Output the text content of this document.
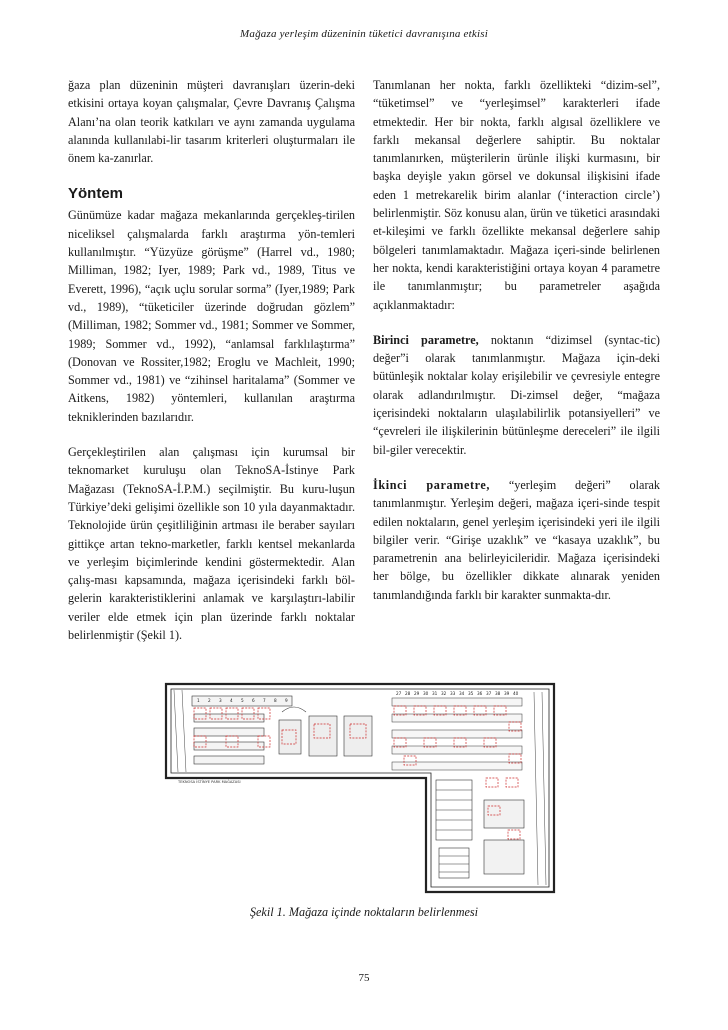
Mağaza yerleşim düzeninin tüketici davranışına etkisi

ğaza plan düzeninin müşteri davranışları üzerin-deki etkisini ortaya koyan çalışmalar, Çevre Davranış Çalışma Alanı’na olan teorik katkıları ve aynı zamanda uygulama alanında kullanılabi-lir tasarım kriterleri oluşturmaları ile önem ka-zanırlar.

Yöntem

Günümüze kadar mağaza mekanlarında gerçekleş-tirilen niceliksel çalışmalarda farklı araştırma yön-temleri kullanılmıştır. “Yüzyüze görüşme” (Harrel vd., 1980; Milliman, 1982; Iyer, 1989; Park vd., 1989, Titus ve Everett, 1996), “açık uçlu sorular sorma” (Iyer,1989; Park vd., 1989), “tüketiciler üzerinde doğrudan gözlem” (Milliman, 1982; Sommer vd., 1981; Sommer ve Sommer, 1989; Sommer vd., 1992), “anlamsal farklılaştırma” (Donovan ve Rossiter,1982; Eroglu ve Machleit, 1990; Sommer vd., 1981) ve “zihinsel haritalama” (Sommer ve Aitkens, 1982) yöntemleri, kullanılan araştırma tekniklerinden bazılarıdır.

Gerçekleştirilen alan çalışması için kurumsal bir teknomarket kuruluşu olan TeknoSA-İstinye Park Mağazası (TeknoSA-İ.P.M.) seçilmiştir. Bu kuru-luşun Türkiye’deki gelişimi özellikle son 10 yıla dayanmaktadır. Teknolojide ürün çeşitliliğinin artması ile beraber sayıları gittikçe artan tekno-marketler, farklı kentsel mekanlarda ve yerleşim biçimlerinde kendini göstermektedir. Alan çalış-ması kapsamında, mağaza içerisindeki farklı böl-gelerin karakteristiklerini anlamak ve karşılaştırı-labilir veriler elde etmek için plan üzerinde farklı noktalar belirlenmiştir (Şekil 1).

Tanımlanan her nokta, farklı özellikteki “dizim-sel”, “tüketimsel” ve “yerleşimsel” karakterleri ifade etmektedir. Her bir nokta, farklı algısal özelliklere ve farklı mekansal değerlere sahiptir. Bu noktalar tanımlanırken, müşterilerin ürünle ilişki kurmasını, bir başka deyişle yakın görsel ve dokunsal ilişkisini ifade eden 1 metrekarelik birim alanlar (‘interaction circle’) belirlenmiştir. Söz konusu alan, ürün ve tüketici arasındaki et-kileşimi ve farklı özellikte mekansal değerlere sahip bölgeleri tanımlamaktadır. Mağaza içeri-sinde belirlenen her nokta, kendi karakteristiğini ortaya koyan 4 parametre ile tanımlanmıştır; bu parametreler aşağıda açıklanmaktadır:

Birinci parametre, noktanın “dizimsel (syntac-tic) değer”i olarak tanımlanmıştır. Mağaza için-deki bütünleşik noktalar kolay erişilebilir ve çevresiyle entegre olarak adlandırılmıştır. Di-zimsel değer, “mağaza içerisindeki noktaların ulaşılabilirlik potansiyelleri” ve “çevreleri ile ilişkilerinin bütünleşme dereceleri” ile ilgili bil-giler verecektir.

İkinci parametre, “yerleşim değeri” olarak tanımlanmıştır. Yerleşim değeri, mağaza içeri-sinde tespit edilen noktaların, genel yerleşim içerisindeki yeri ile ilgili bilgiler verir. “Girişe uzaklık” ve “kasaya uzaklık”, bu parametrenin ana belirleyicileridir. Mağaza içerisindeki her bölge, bu özellikler dikkate alınarak yeniden tanımlandığında farklı bir karakter sunmakta-dır.

1 2 3 4 5 6 7 8 9
27 28 29 30 31 32 33 34 35 36 37 38 39 40
TEKNOSA İSTİNYE PARK MAĞAZASI
Şekil 1. Mağaza içinde noktaların belirlenmesi
75
